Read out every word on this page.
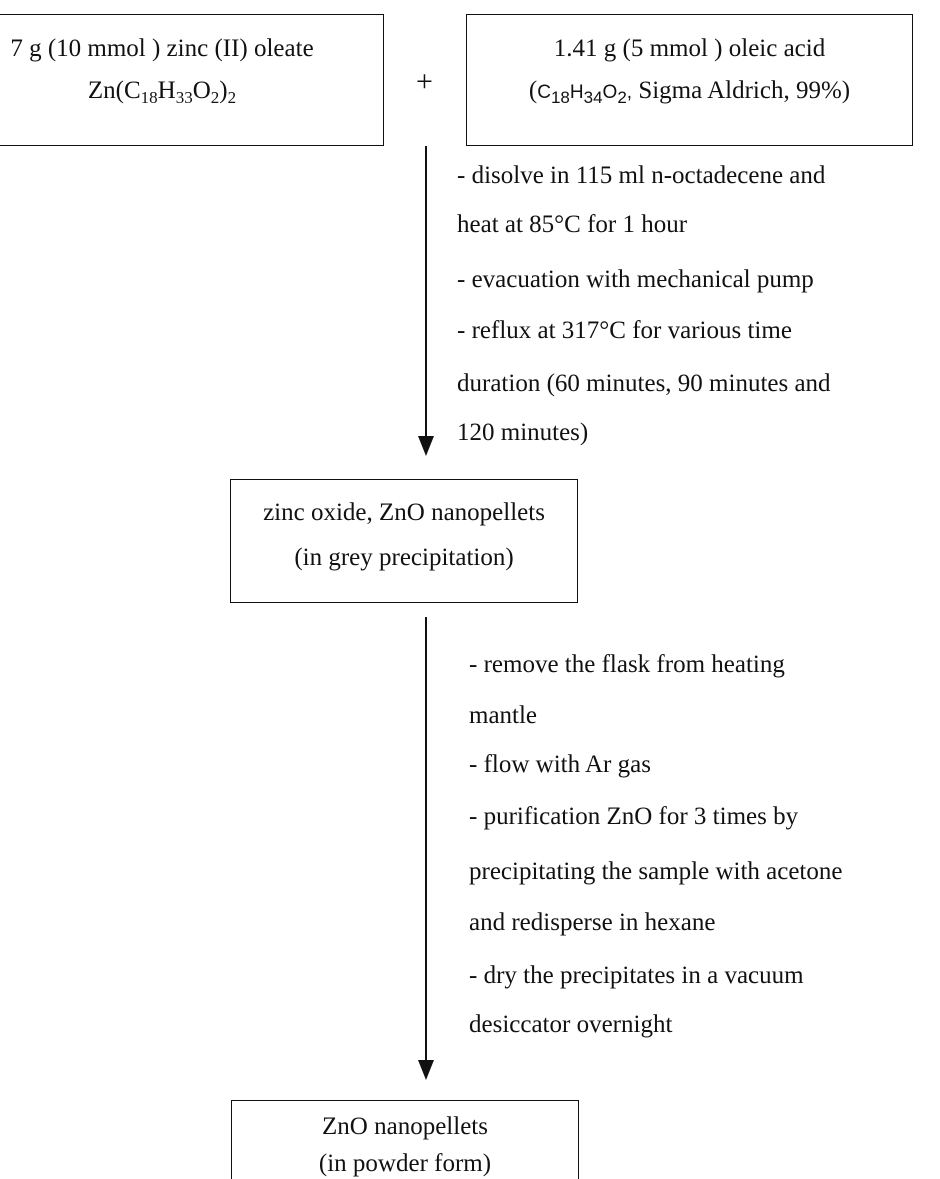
7 g (10 mmol ) zinc (II) oleate
$Zn(C_{18}H_{33}O_2)_2$	+
1.41 g (5 mmol ) oleic acid
($C_{18}H_{34}O_2$, Sigma Aldrich, 99%)
- disolve in 115 ml n-octadecene and
heat at 85°C for 1 hour
- evacuation with mechanical pump
- reflux at 317°C for various time
duration (60 minutes, 90 minutes and
120 minutes)
zinc oxide, ZnO nanopellets
(in grey precipitation)
- remove the flask from heating
mantle
- flow with Ar gas
- purification ZnO for 3 times by
precipitating the sample with acetone
and redisperse in hexane
- dry the precipitates in a vacuum
desiccator overnight
ZnO nanopellets
(in powder form)
